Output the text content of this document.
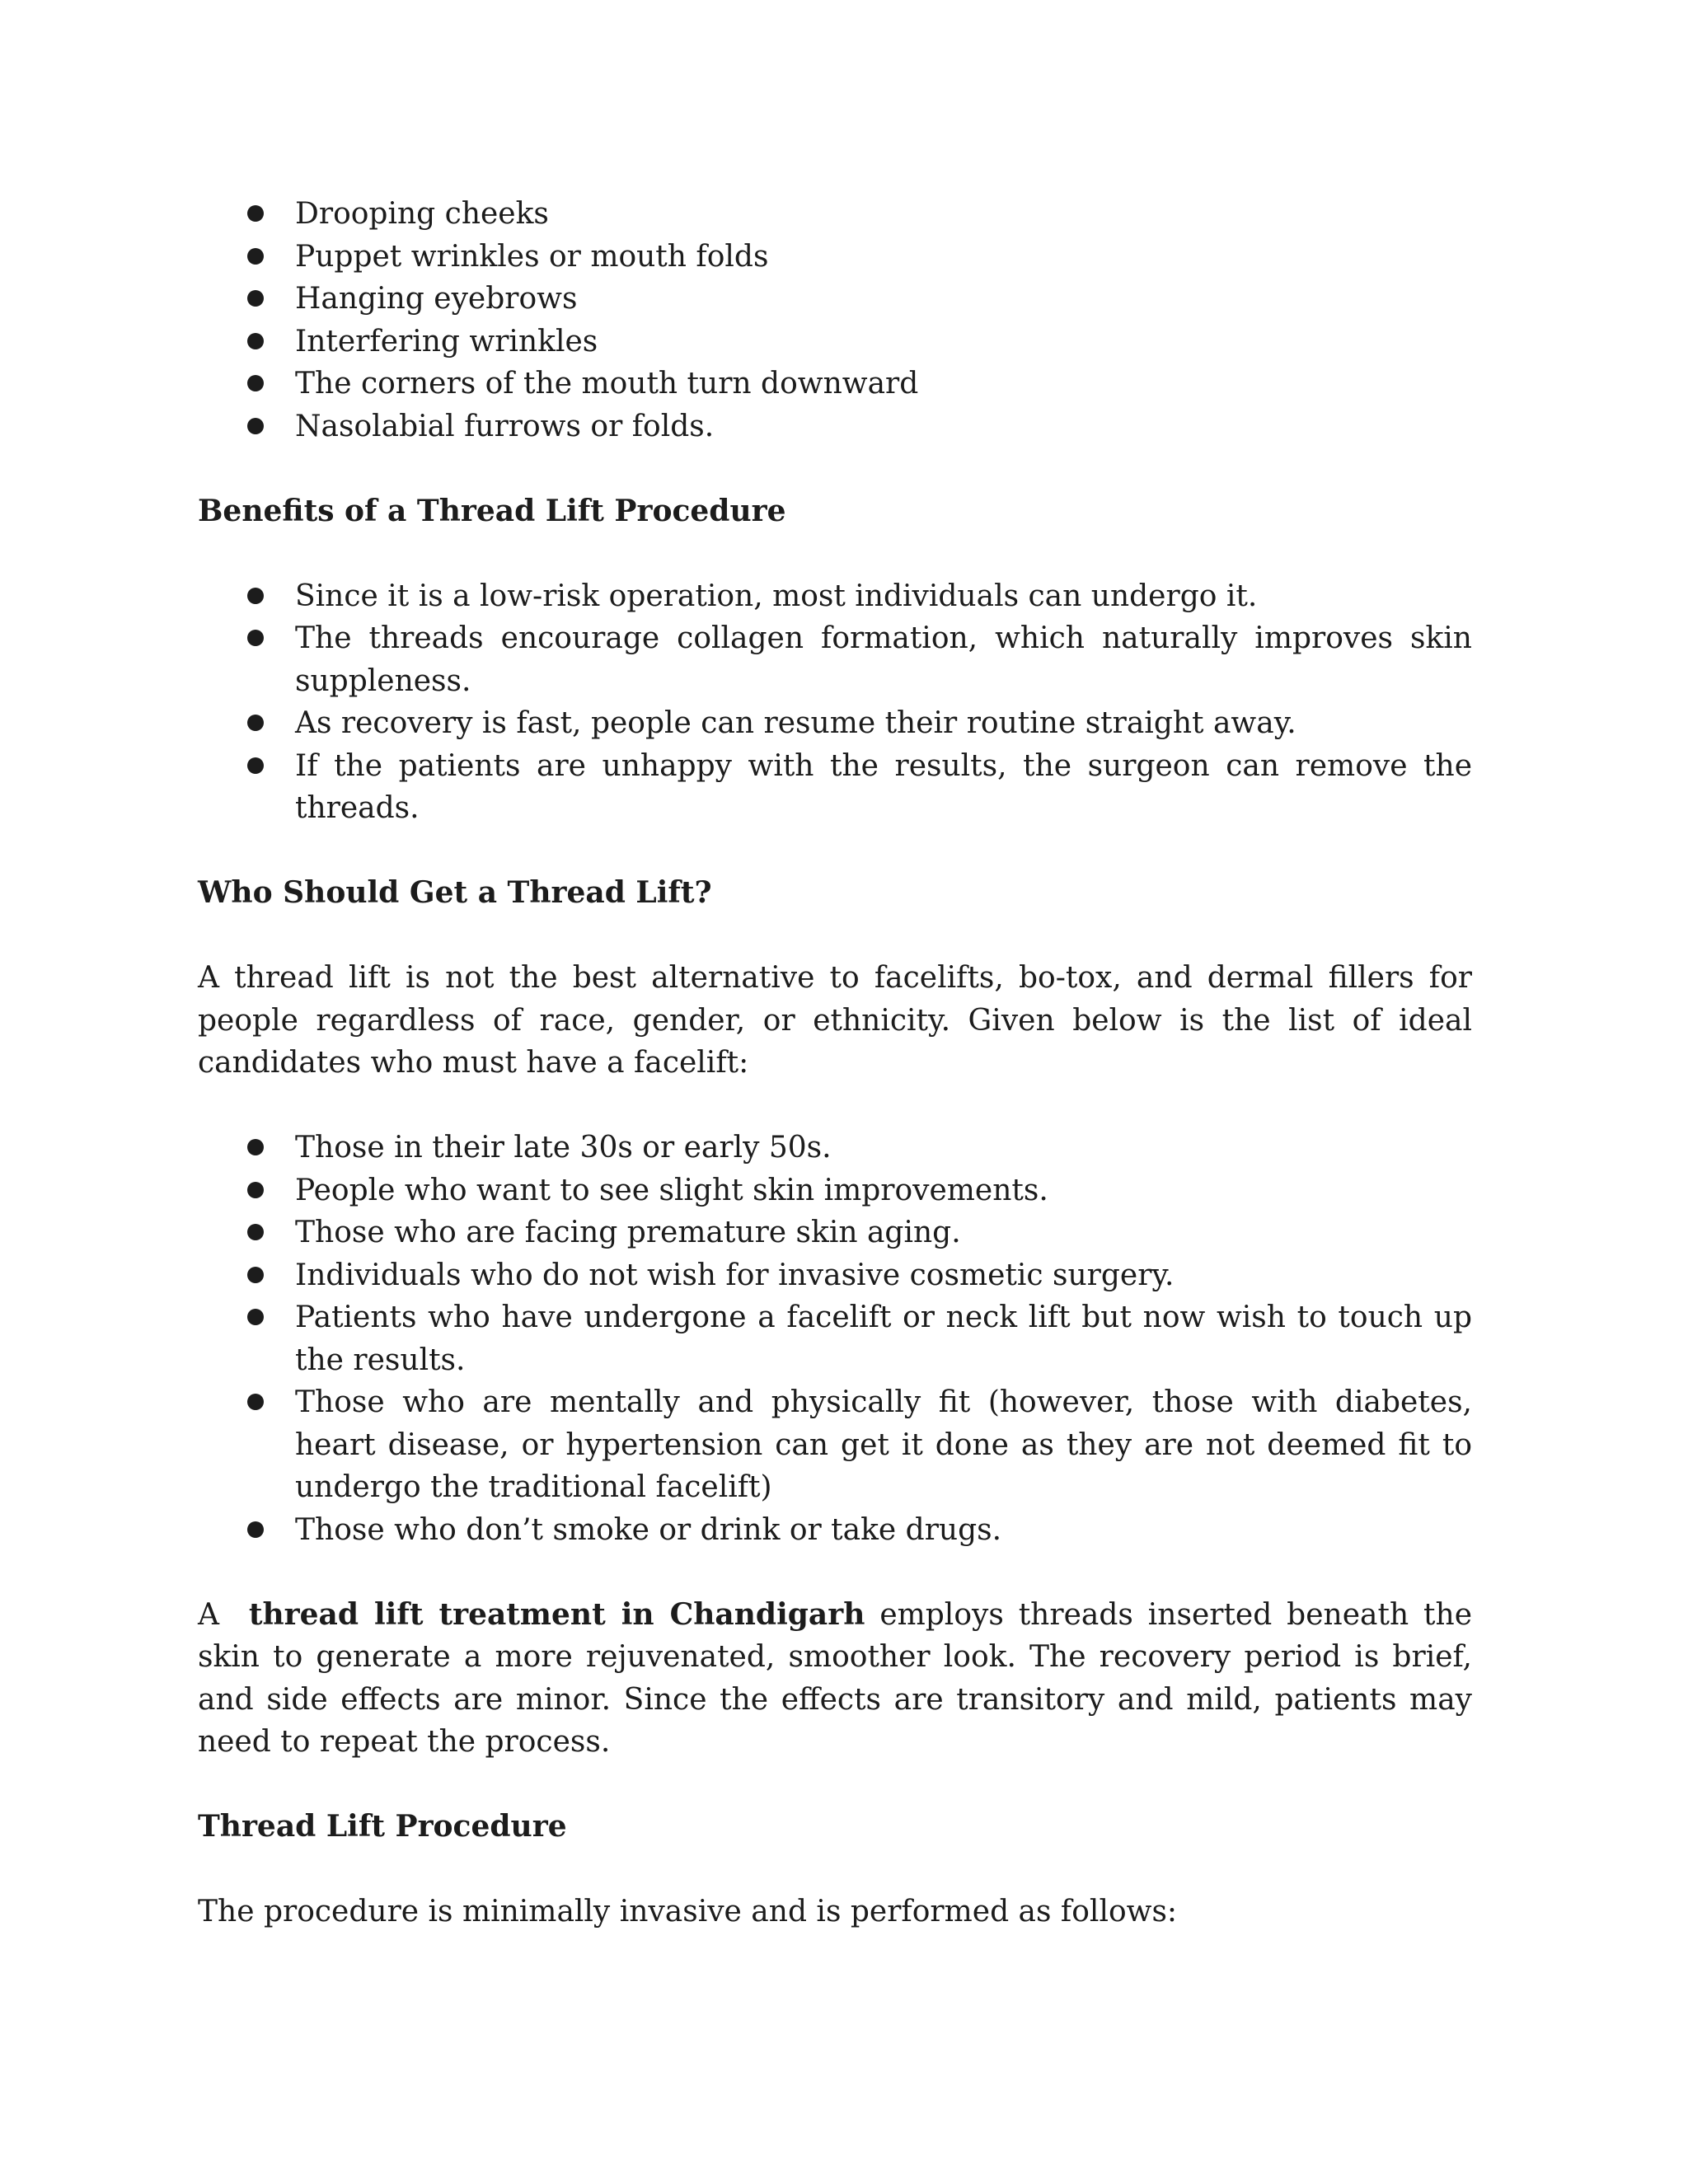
Drooping cheeks
Puppet wrinkles or mouth folds
Hanging eyebrows
Interfering wrinkles
The corners of the mouth turn downward
Nasolabial furrows or folds.

Benefits of a Thread Lift Procedure

Since it is a low-risk operation, most individuals can undergo it.
The threads encourage collagen formation, which naturally improves skin suppleness.
As recovery is fast, people can resume their routine straight away.
If the patients are unhappy with the results, the surgeon can remove the threads.

Who Should Get a Thread Lift?

A thread lift is not the best alternative to facelifts, bo-tox, and dermal fillers for people regardless of race, gender, or ethnicity. Given below is the list of ideal candidates who must have a facelift:

Those in their late 30s or early 50s.
People who want to see slight skin improvements.
Those who are facing premature skin aging.
Individuals who do not wish for invasive cosmetic surgery.
Patients who have undergone a facelift or neck lift but now wish to touch up the results.
Those who are mentally and physically fit (however, those with diabetes, heart disease, or hypertension can get it done as they are not deemed fit to undergo the traditional facelift)
Those who don’t smoke or drink or take drugs.

A thread lift treatment in Chandigarh employs threads inserted beneath the skin to generate a more rejuvenated, smoother look. The recovery period is brief, and side effects are minor. Since the effects are transitory and mild, patients may need to repeat the process.

Thread Lift Procedure

The procedure is minimally invasive and is performed as follows:
